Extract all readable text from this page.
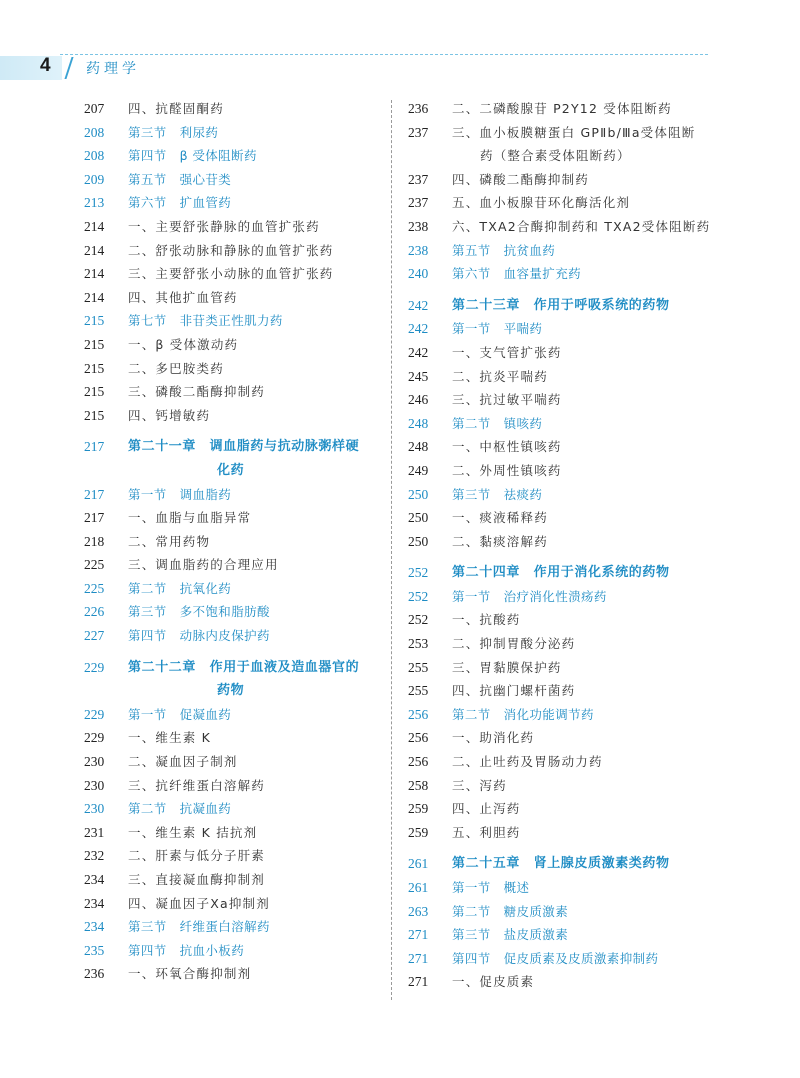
4	药理学
207	四、抗醛固酮药
208	第三节　利尿药
208	第四节　β 受体阻断药
209	第五节　强心苷类
213	第六节　扩血管药
214	一、主要舒张静脉的血管扩张药
214	二、舒张动脉和静脉的血管扩张药
214	三、主要舒张小动脉的血管扩张药
214	四、其他扩血管药
215	第七节　非苷类正性肌力药
215	一、β 受体激动药
215	二、多巴胺类药
215	三、磷酸二酯酶抑制药
215	四、钙增敏药
217	第二十一章　调血脂药与抗动脉粥样硬
化药
217	第一节　调血脂药
217	一、血脂与血脂异常
218	二、常用药物
225	三、调血脂药的合理应用
225	第二节　抗氧化药
226	第三节　多不饱和脂肪酸
227	第四节　动脉内皮保护药
229	第二十二章　作用于血液及造血器官的
药物
229	第一节　促凝血药
229	一、维生素 K
230	二、凝血因子制剂
230	三、抗纤维蛋白溶解药
230	第二节　抗凝血药
231	一、维生素 K 拮抗剂
232	二、肝素与低分子肝素
234	三、直接凝血酶抑制剂
234	四、凝血因子Xa抑制剂
234	第三节　纤维蛋白溶解药
235	第四节　抗血小板药
236	一、环氧合酶抑制剂
236	二、二磷酸腺苷 P2Y12 受体阻断药
237	三、血小板膜糖蛋白 GPⅡb/Ⅲa受体阻断
药（整合素受体阻断药）
237	四、磷酸二酯酶抑制药
237	五、血小板腺苷环化酶活化剂
238	六、TXA2合酶抑制药和 TXA2受体阻断药
238	第五节　抗贫血药
240	第六节　血容量扩充药
242	第二十三章　作用于呼吸系统的药物
242	第一节　平喘药
242	一、支气管扩张药
245	二、抗炎平喘药
246	三、抗过敏平喘药
248	第二节　镇咳药
248	一、中枢性镇咳药
249	二、外周性镇咳药
250	第三节　祛痰药
250	一、痰液稀释药
250	二、黏痰溶解药
252	第二十四章　作用于消化系统的药物
252	第一节　治疗消化性溃疡药
252	一、抗酸药
253	二、抑制胃酸分泌药
255	三、胃黏膜保护药
255	四、抗幽门螺杆菌药
256	第二节　消化功能调节药
256	一、助消化药
256	二、止吐药及胃肠动力药
258	三、泻药
259	四、止泻药
259	五、利胆药
261	第二十五章　肾上腺皮质激素类药物
261	第一节　概述
263	第二节　糖皮质激素
271	第三节　盐皮质激素
271	第四节　促皮质素及皮质激素抑制药
271	一、促皮质素
